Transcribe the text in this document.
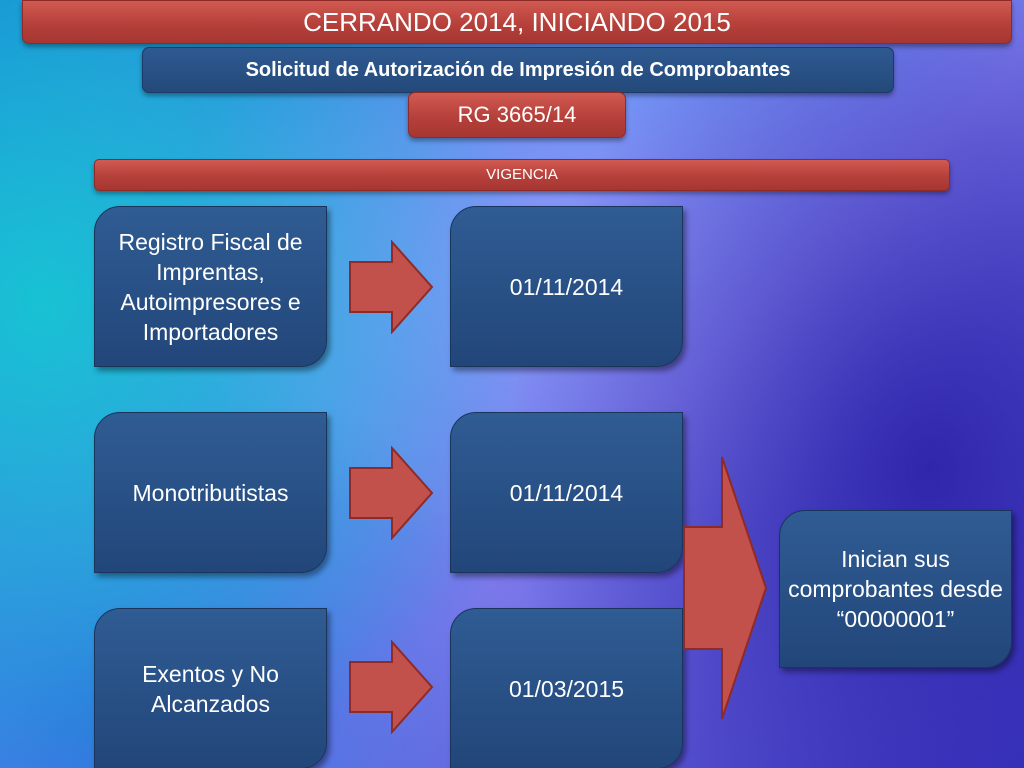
CERRANDO 2014, INICIANDO 2015
Solicitud de Autorización de Impresión de Comprobantes
RG 3665/14
VIGENCIA
Registro Fiscal de Imprentas, Autoimpresores e Importadores
01/11/2014
Monotributistas	01/11/2014
Exentos y No Alcanzados
01/03/2015
Inician sus comprobantes desde “00000001”
